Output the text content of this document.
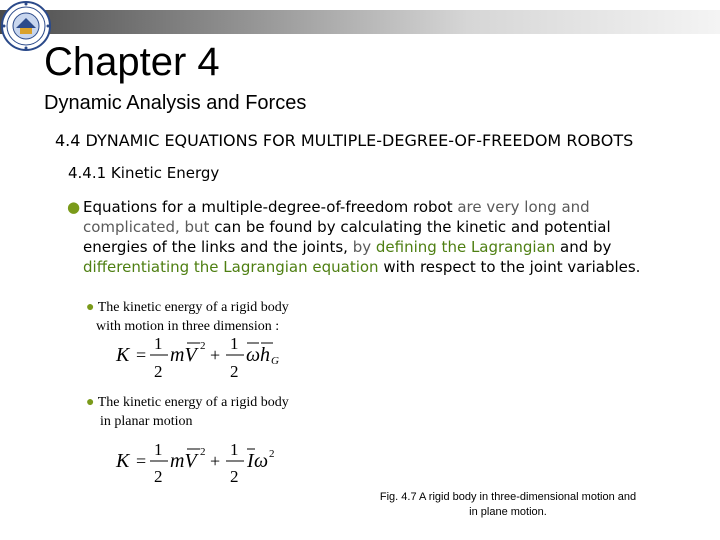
Chapter 4
Dynamic Analysis and Forces
4.4 DYNAMIC EQUATIONS FOR MULTIPLE-DEGREE-OF-FREEDOM ROBOTS
4.4.1 Kinetic Energy
● Equations for a multiple-degree-of-freedom robot are very long and
complicated, but can be found by calculating the kinetic and potential
energies of the links and the joints, by defining the Lagrangian and by
differentiating the Lagrangian equation with respect to the joint variables.
● The kinetic energy of a rigid body
with motion in three dimension :
K =
1
2
mV 2 +
1
2
ω h G
● The kinetic energy of a rigid body
in planar motion
K =
1
2
mV 2 +
1
2
I ω 2
Fig. 4.7 A rigid body in three-dimensional motion and
in plane motion.
